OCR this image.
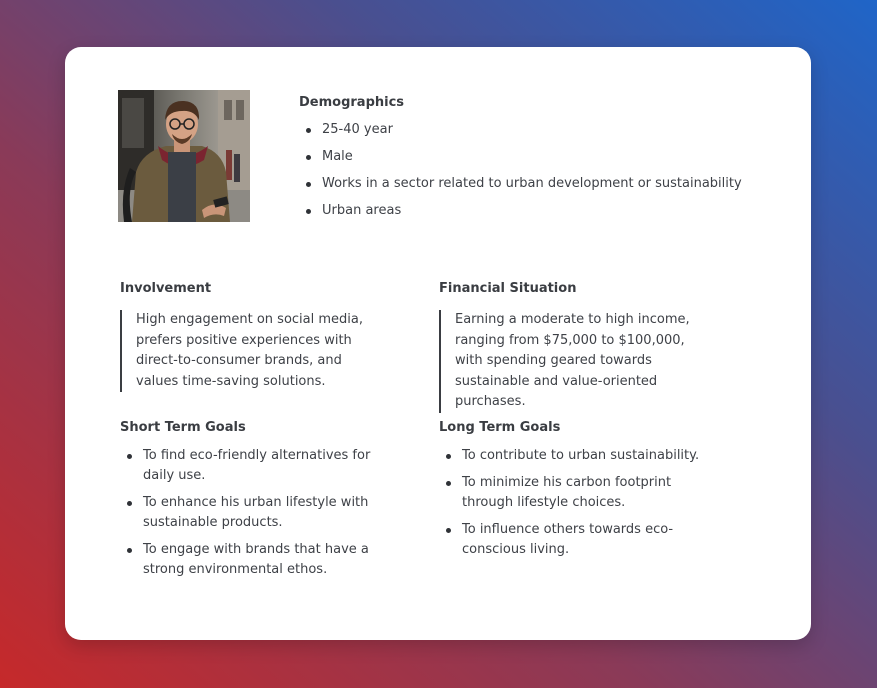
Demographics
25-40 year
Male
Works in a sector related to urban development or sustainability
Urban areas
Involvement
High engagement on social media, prefers positive experiences with direct-to-consumer brands, and values time-saving solutions.
Financial Situation
Earning a moderate to high income, ranging from $75,000 to $100,000, with spending geared towards sustainable and value-oriented purchases.
Short Term Goals
To find eco-friendly alternatives for daily use.
To enhance his urban lifestyle with sustainable products.
To engage with brands that have a strong environmental ethos.
Long Term Goals
To contribute to urban sustainability.
To minimize his carbon footprint through lifestyle choices.
To influence others towards eco-conscious living.
